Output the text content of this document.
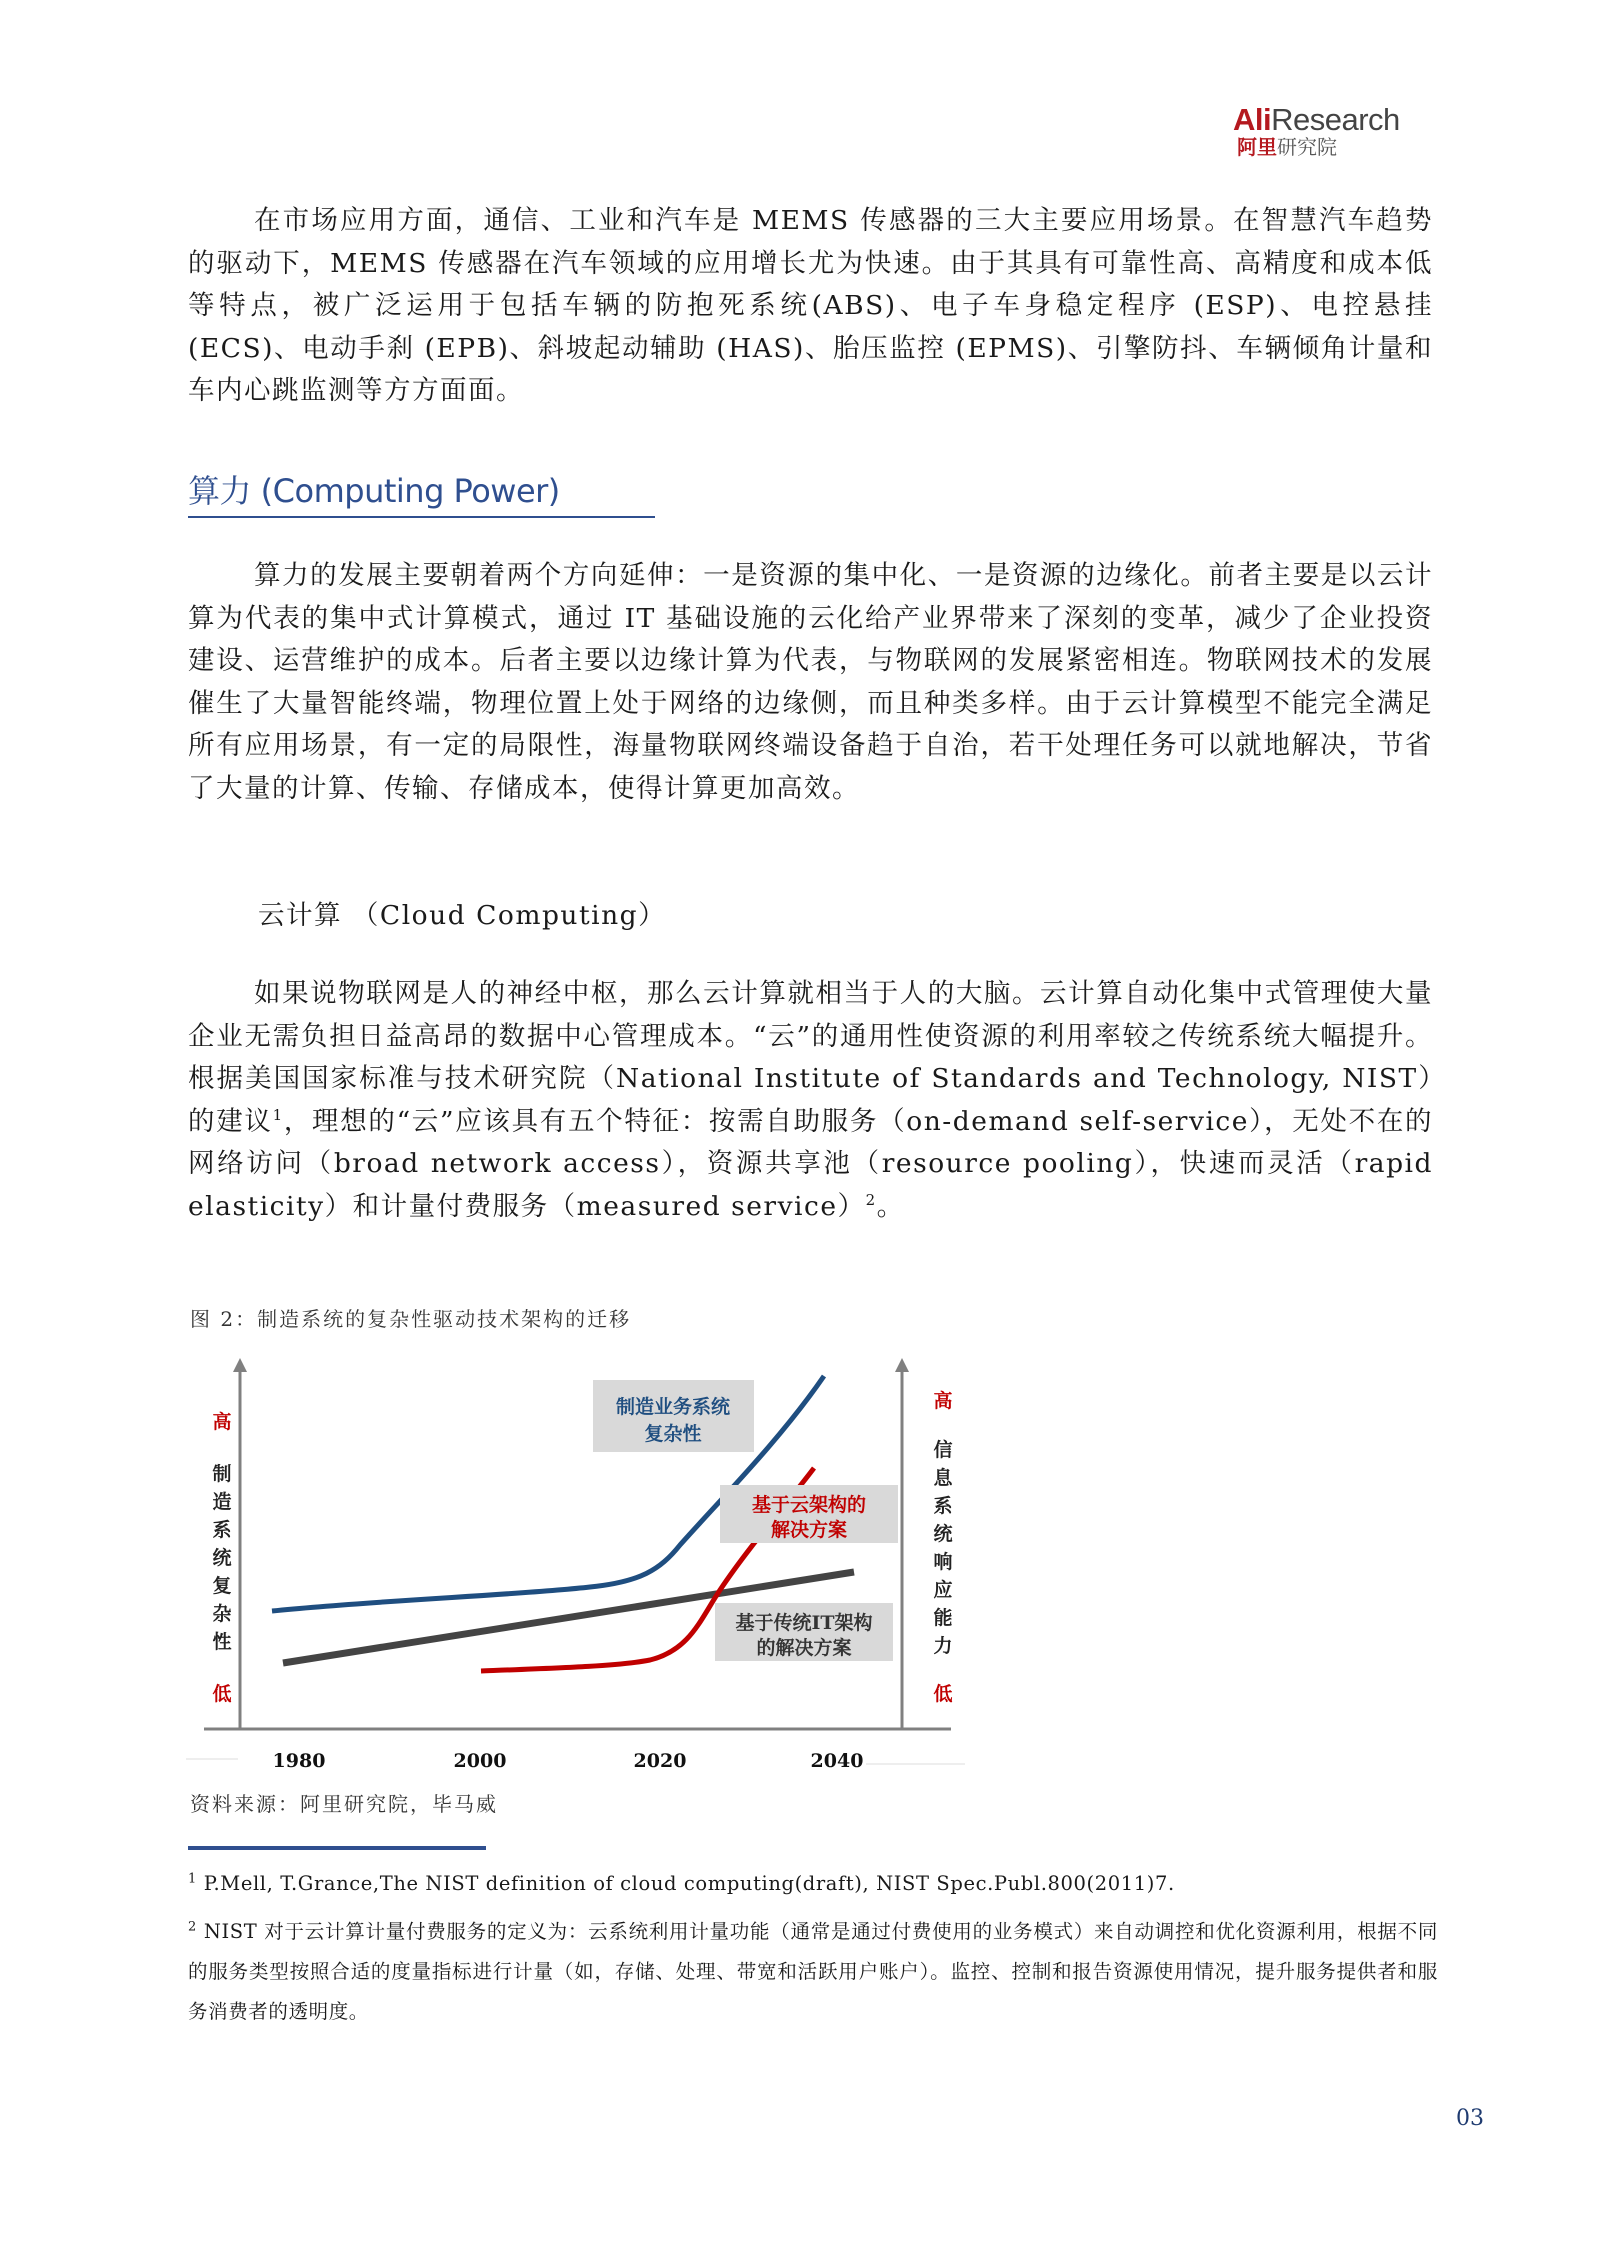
AliResearch
阿里研究院

在市场应用方面，通信、工业和汽车是 MEMS 传感器的三大主要应用场景。在智慧汽车趋势的驱动下，MEMS 传感器在汽车领域的应用增长尤为快速。由于其具有可靠性高、高精度和成本低等特点，被广泛运用于包括车辆的防抱死系统(ABS)、电子车身稳定程序 (ESP)、电控悬挂 (ECS)、电动手刹 (EPB)、斜坡起动辅助 (HAS)、胎压监控 (EPMS)、引擎防抖、车辆倾角计量和车内心跳监测等方方面面。

算力 (Computing Power)

算力的发展主要朝着两个方向延伸：一是资源的集中化、一是资源的边缘化。前者主要是以云计算为代表的集中式计算模式，通过 IT 基础设施的云化给产业界带来了深刻的变革，减少了企业投资建设、运营维护的成本。后者主要以边缘计算为代表，与物联网的发展紧密相连。物联网技术的发展催生了大量智能终端，物理位置上处于网络的边缘侧，而且种类多样。由于云计算模型不能完全满足所有应用场景，有一定的局限性，海量物联网终端设备趋于自治，若干处理任务可以就地解决，节省了大量的计算、传输、存储成本，使得计算更加高效。

云计算 （Cloud Computing）

如果说物联网是人的神经中枢，那么云计算就相当于人的大脑。云计算自动化集中式管理使大量企业无需负担日益高昂的数据中心管理成本。“云”的通用性使资源的利用率较之传统系统大幅提升。根据美国国家标准与技术研究院（National Institute of Standards and Technology, NIST）的建议$^1$，理想的“云”应该具有五个特征：按需自助服务（on-demand self-service），无处不在的网络访问（broad network access），资源共享池（resource pooling），快速而灵活（rapid elasticity）和计量付费服务（measured service）$^2$。

图 2：制造系统的复杂性驱动技术架构的迁移
高
制
造
系
统
复
杂
性
低
高
信
息
系
统
响
应
能
力
低
制造业务系统
复杂性
基于云架构的
解决方案
基于传统IT架构
的解决方案
1980	2000	2020	2040
资料来源：阿里研究院，毕马威
$^1$ P.Mell, T.Grance,The NIST definition of cloud computing(draft), NIST Spec.Publ.800(2011)7.
$^2$ NIST 对于云计算计量付费服务的定义为：云系统利用计量功能（通常是通过付费使用的业务模式）来自动调控和优化资源利用，根据不同的服务类型按照合适的度量指标进行计量（如，存储、处理、带宽和活跃用户账户）。监控、控制和报告资源使用情况，提升服务提供者和服务消费者的透明度。
03
